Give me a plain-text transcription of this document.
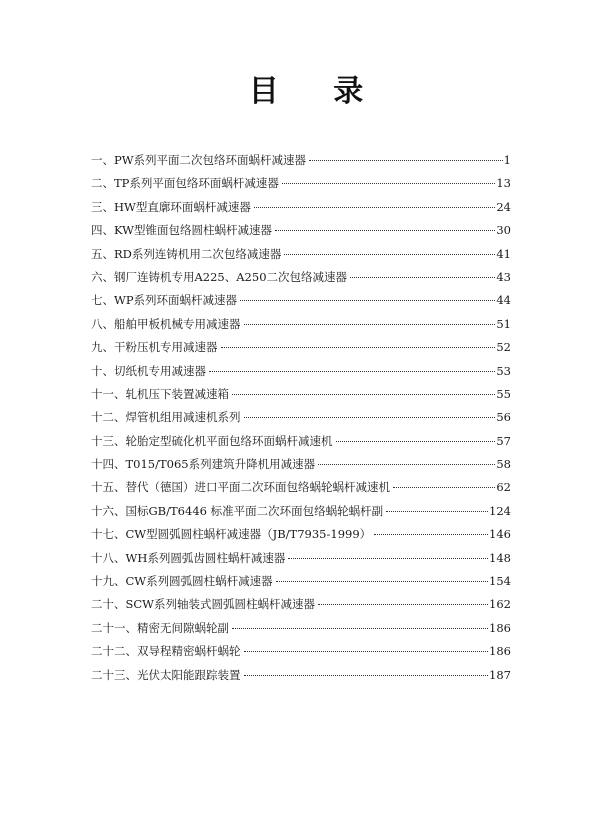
目 录
一、PW系列平面二次包络环面蜗杆减速器	1
二、TP系列平面包络环面蜗杆减速器	13
三、HW型直廓环面蜗杆减速器	24
四、KW型锥面包络圆柱蜗杆减速器	30
五、RD系列连铸机用二次包络减速器	41
六、钢厂连铸机专用A225、A250二次包络减速器	43
七、WP系列环面蜗杆减速器	44
八、船舶甲板机械专用减速器	51
九、干粉压机专用减速器	52
十、切纸机专用减速器	53
十一、轧机压下装置减速箱	55
十二、焊管机组用减速机系列	56
十三、轮胎定型硫化机平面包络环面蜗杆减速机	57
十四、T015/T065系列建筑升降机用减速器	58
十五、替代（德国）进口平面二次环面包络蜗轮蜗杆减速机	62
十六、国标GB/T6446 标准平面二次环面包络蜗轮蜗杆副	124
十七、CW型圆弧圆柱蜗杆减速器（JB/T7935-1999）	146
十八、WH系列圆弧齿圆柱蜗杆减速器	148
十九、CW系列圆弧圆柱蜗杆减速器	154
二十、SCW系列轴装式圆弧圆柱蜗杆减速器	162
二十一、精密无间隙蜗轮副	186
二十二、双导程精密蜗杆蜗轮	186
二十三、光伏太阳能跟踪装置	187
